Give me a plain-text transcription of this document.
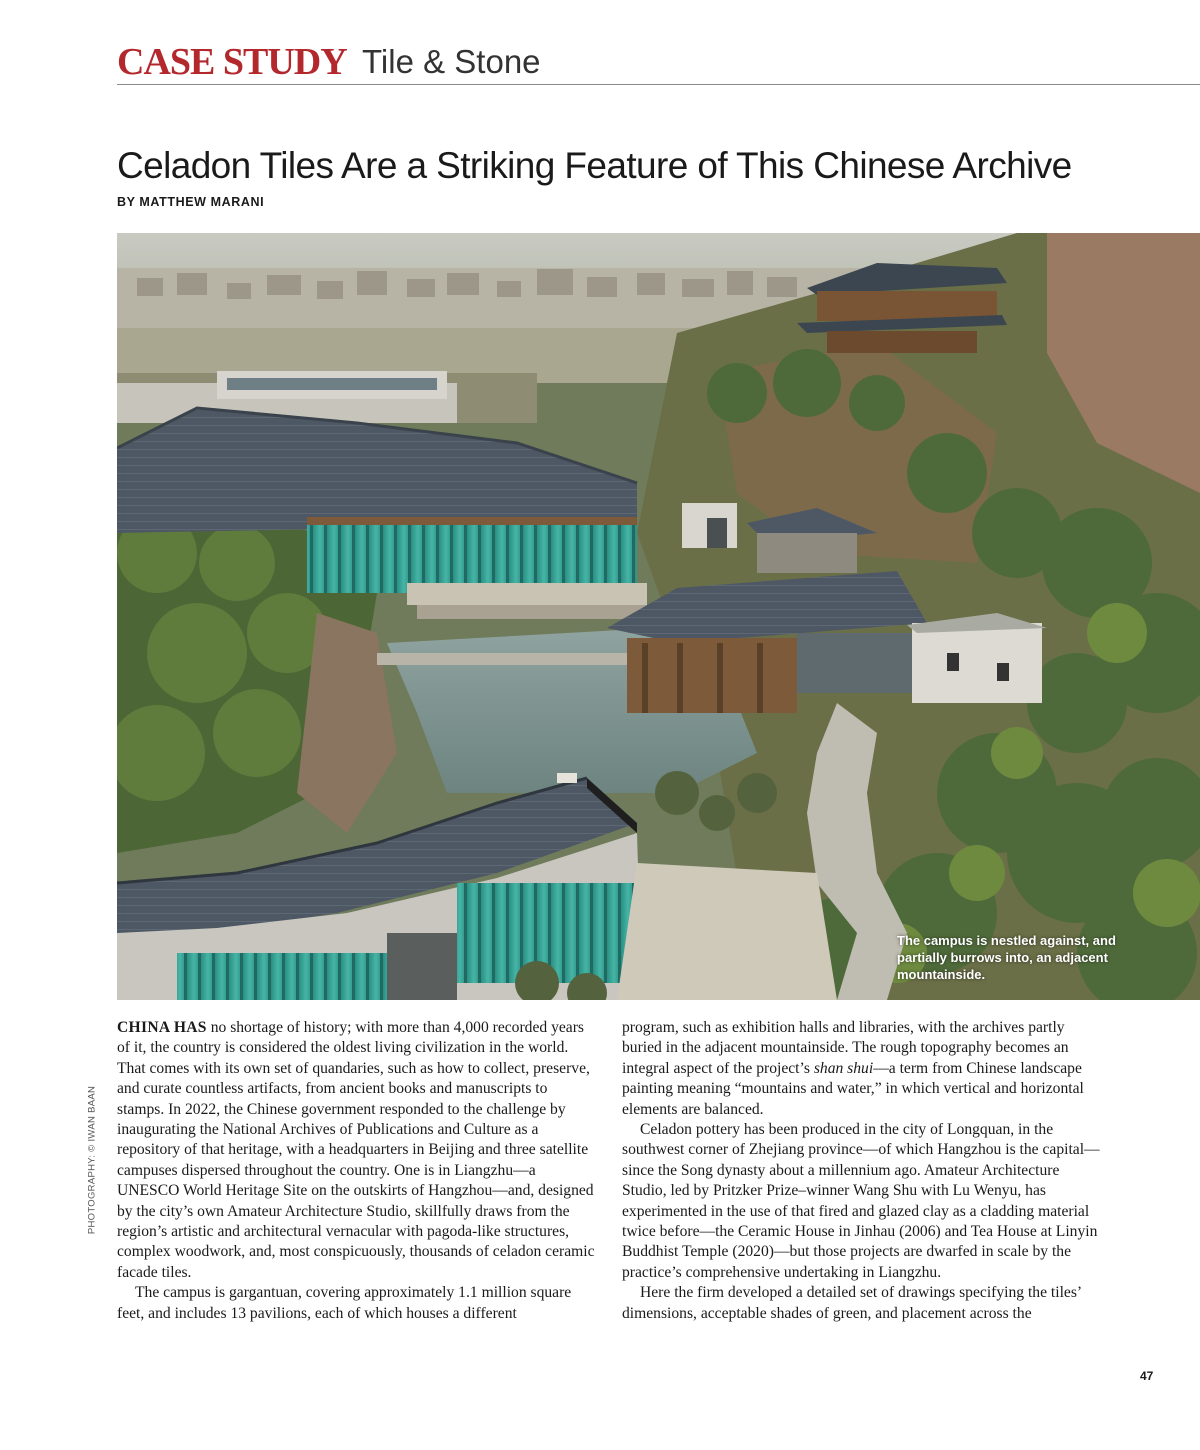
CASE STUDY Tile & Stone
Celadon Tiles Are a Striking Feature of This Chinese Archive
BY MATTHEW MARANI

The campus is nestled against, and partially burrows into, an adjacent mountainside.

PHOTOGRAPHY: © IWAN BAAN

CHINA HAS no shortage of history; with more than 4,000 recorded years of it, the country is considered the oldest living civilization in the world. That comes with its own set of quandaries, such as how to collect, preserve, and curate countless artifacts, from ancient books and manuscripts to stamps. In 2022, the Chinese government responded to the challenge by inaugurating the National Archives of Publications and Culture as a repository of that heritage, with a headquarters in Beijing and three satellite campuses dispersed throughout the country. One is in Liangzhu—a UNESCO World Heritage Site on the outskirts of Hangzhou—and, designed by the city’s own Amateur Architecture Studio, skillfully draws from the region’s artistic and architectural vernacular with pagoda-like structures, complex woodwork, and, most conspicuously, thousands of celadon ceramic facade tiles.

The campus is gargantuan, covering approximately 1.1 million square feet, and includes 13 pavilions, each of which houses a different

program, such as exhibition halls and libraries, with the archives partly buried in the adjacent mountainside. The rough topography becomes an integral aspect of the project’s shan shui—a term from Chinese landscape painting meaning “mountains and water,” in which vertical and horizontal elements are balanced.

Celadon pottery has been produced in the city of Longquan, in the southwest corner of Zhejiang province—of which Hangzhou is the capital—since the Song dynasty about a millennium ago. Amateur Architecture Studio, led by Pritzker Prize–winner Wang Shu with Lu Wenyu, has experimented in the use of that fired and glazed clay as a cladding material twice before—the Ceramic House in Jinhau (2006) and Tea House at Linyin Buddhist Temple (2020)—but those projects are dwarfed in scale by the practice’s comprehensive undertaking in Liangzhu.

Here the firm developed a detailed set of drawings specifying the tiles’ dimensions, acceptable shades of green, and placement across the

47
